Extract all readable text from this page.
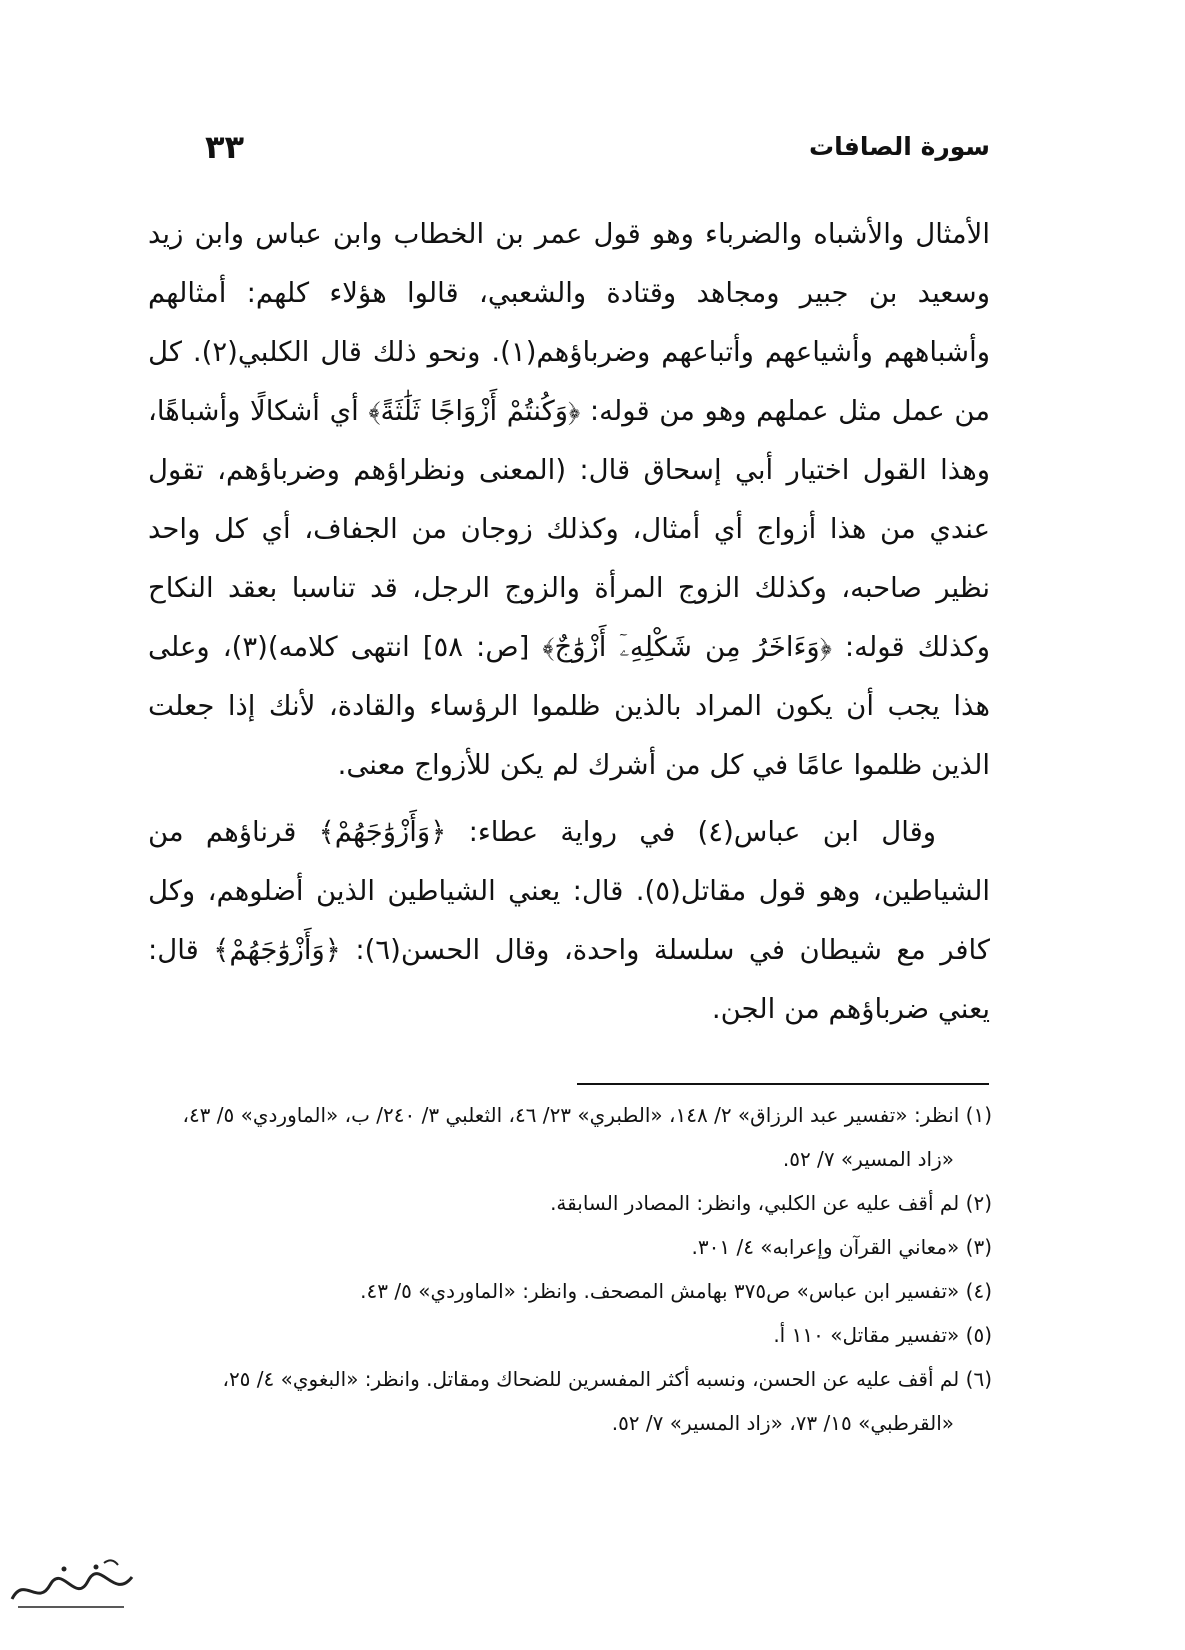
٣٣	سورة الصافات

الأمثال والأشباه والضرباء وهو قول عمر بن الخطاب وابن عباس وابن زيد وسعيد بن جبير ومجاهد وقتادة والشعبي، قالوا هؤلاء كلهم: أمثالهم وأشباههم وأشياعهم وأتباعهم وضرباؤهم(١). ونحو ذلك قال الكلبي(٢). كل من عمل مثل عملهم وهو من قوله: ﴿وَكُنتُمْ أَزْوَاجًا ثَلَٰثَةً﴾ أي أشكالًا وأشباهًا، وهذا القول اختيار أبي إسحاق قال: (المعنى ونظراؤهم وضرباؤهم، تقول عندي من هذا أزواج أي أمثال، وكذلك زوجان من الجفاف، أي كل واحد نظير صاحبه، وكذلك الزوج المرأة والزوج الرجل، قد تناسبا بعقد النكاح وكذلك قوله: ﴿وَءَاخَرُ مِن شَكْلِهِۦٓ أَزْوَٰجٌ﴾ [ص: ٥٨] انتهى كلامه)(٣)، وعلى هذا يجب أن يكون المراد بالذين ظلموا الرؤساء والقادة، لأنك إذا جعلت الذين ظلموا عامًا في كل من أشرك لم يكن للأزواج معنى.

وقال ابن عباس(٤) في رواية عطاء: ﴿وَأَزْوَٰجَهُمْ﴾ قرناؤهم من الشياطين، وهو قول مقاتل(٥). قال: يعني الشياطين الذين أضلوهم، وكل كافر مع شيطان في سلسلة واحدة، وقال الحسن(٦): ﴿وَأَزْوَٰجَهُمْ﴾ قال: يعني ضرباؤهم من الجن.

(١) انظر: «تفسير عبد الرزاق» ٢/ ١٤٨، «الطبري» ٢٣/ ٤٦، الثعلبي ٣/ ٢٤٠/ ب، «الماوردي» ٥/ ٤٣، «زاد المسير» ٧/ ٥٢.

(٢) لم أقف عليه عن الكلبي، وانظر: المصادر السابقة.

(٣) «معاني القرآن وإعرابه» ٤/ ٣٠١.

(٤) «تفسير ابن عباس» ص٣٧٥ بهامش المصحف. وانظر: «الماوردي» ٥/ ٤٣.

(٥) «تفسير مقاتل» ١١٠ أ.

(٦) لم أقف عليه عن الحسن، ونسبه أكثر المفسرين للضحاك ومقاتل. وانظر: «البغوي» ٤/ ٢٥، «القرطبي» ١٥/ ٧٣، «زاد المسير» ٧/ ٥٢.
